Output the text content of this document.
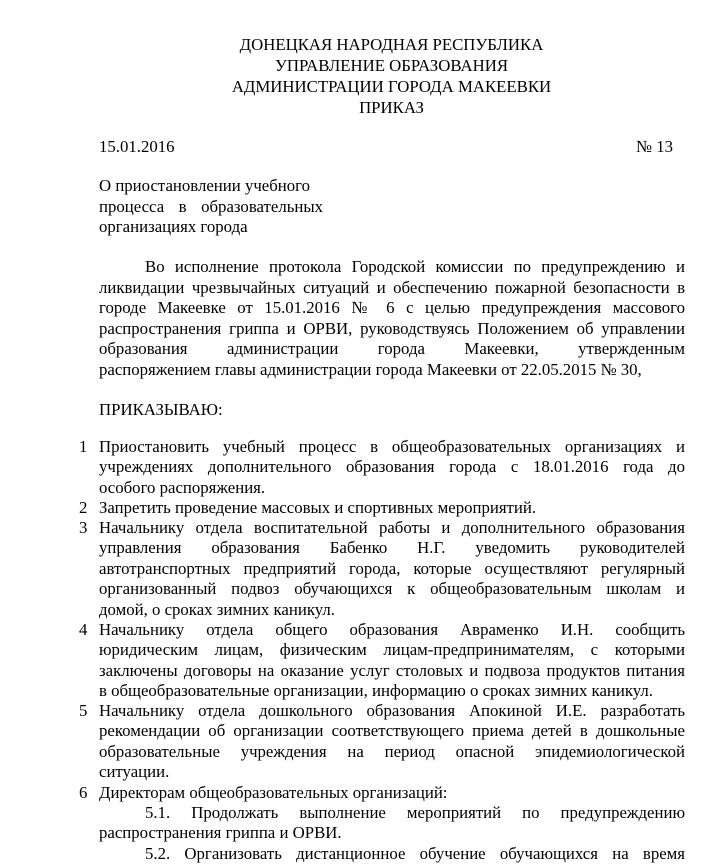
ДОНЕЦКАЯ НАРОДНАЯ РЕСПУБЛИКА
УПРАВЛЕНИЕ ОБРАЗОВАНИЯ
АДМИНИСТРАЦИИ ГОРОДА МАКЕЕВКИ
ПРИКАЗ
15.01.2016	№ 13
О приостановлении учебного
процесса в образовательных
организациях города
Во исполнение протокола Городской комиссии по предупреждению и
ликвидации чрезвычайных ситуаций и обеспечению пожарной безопасности в
городе Макеевке от 15.01.2016 № 6 с целью предупреждения массового
распространения гриппа и ОРВИ, руководствуясь Положением об управлении
образования администрации города Макеевки, утвержденным
распоряжением главы администрации города Макеевки от 22.05.2015 № 30,
ПРИКАЗЫВАЮ:
1 Приостановить учебный процесс в общеобразовательных организациях и
учреждениях дополнительного образования города с 18.01.2016 года до
особого распоряжения.
2 Запретить проведение массовых и спортивных мероприятий.
3 Начальнику отдела воспитательной работы и дополнительного образования
управления образования Бабенко Н.Г. уведомить руководителей
автотранспортных предприятий города, которые осуществляют регулярный
организованный подвоз обучающихся к общеобразовательным школам и
домой, о сроках зимних каникул.
4 Начальнику отдела общего образования Авраменко И.Н. сообщить
юридическим лицам, физическим лицам-предпринимателям, с которыми
заключены договоры на оказание услуг столовых и подвоза продуктов питания
в общеобразовательные организации, информацию о сроках зимних каникул.
5 Начальнику отдела дошкольного образования Апокиной И.Е. разработать
рекомендации об организации соответствующего приема детей в дошкольные
образовательные учреждения на период опасной эпидемиологической
ситуации.
6 Директорам общеобразовательных организаций:
5.1. Продолжать выполнение мероприятий по предупреждению
распространения гриппа и ОРВИ.
5.2. Организовать дистанционное обучение обучающихся на время
